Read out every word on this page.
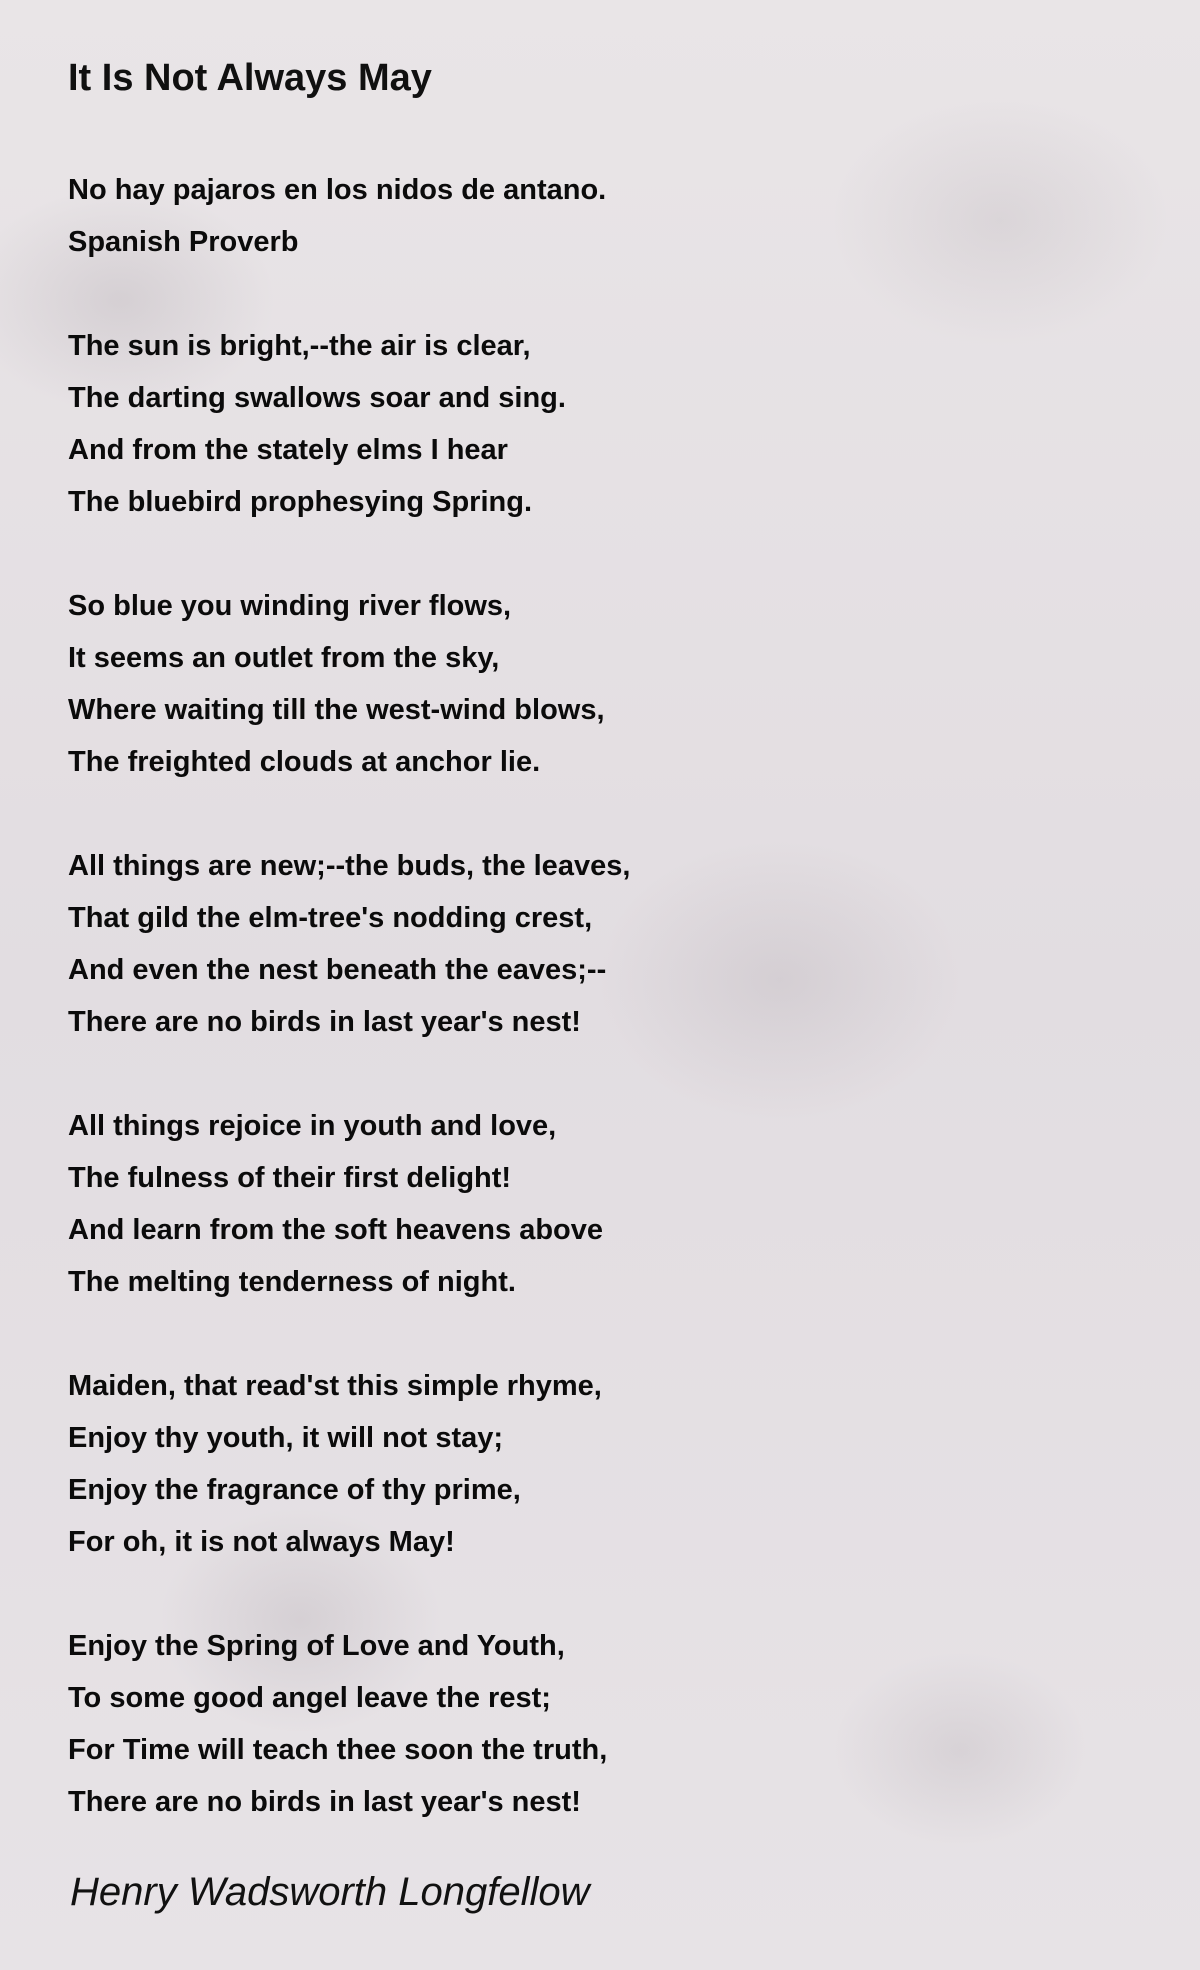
It Is Not Always May
No hay pajaros en los nidos de antano.
Spanish Proverb
The sun is bright,--the air is clear,
The darting swallows soar and sing.
And from the stately elms I hear
The bluebird prophesying Spring.
So blue you winding river flows,
It seems an outlet from the sky,
Where waiting till the west-wind blows,
The freighted clouds at anchor lie.
All things are new;--the buds, the leaves,
That gild the elm-tree's nodding crest,
And even the nest beneath the eaves;--
There are no birds in last year's nest!
All things rejoice in youth and love,
The fulness of their first delight!
And learn from the soft heavens above
The melting tenderness of night.
Maiden, that read'st this simple rhyme,
Enjoy thy youth, it will not stay;
Enjoy the fragrance of thy prime,
For oh, it is not always May!
Enjoy the Spring of Love and Youth,
To some good angel leave the rest;
For Time will teach thee soon the truth,
There are no birds in last year's nest!
Henry Wadsworth Longfellow
